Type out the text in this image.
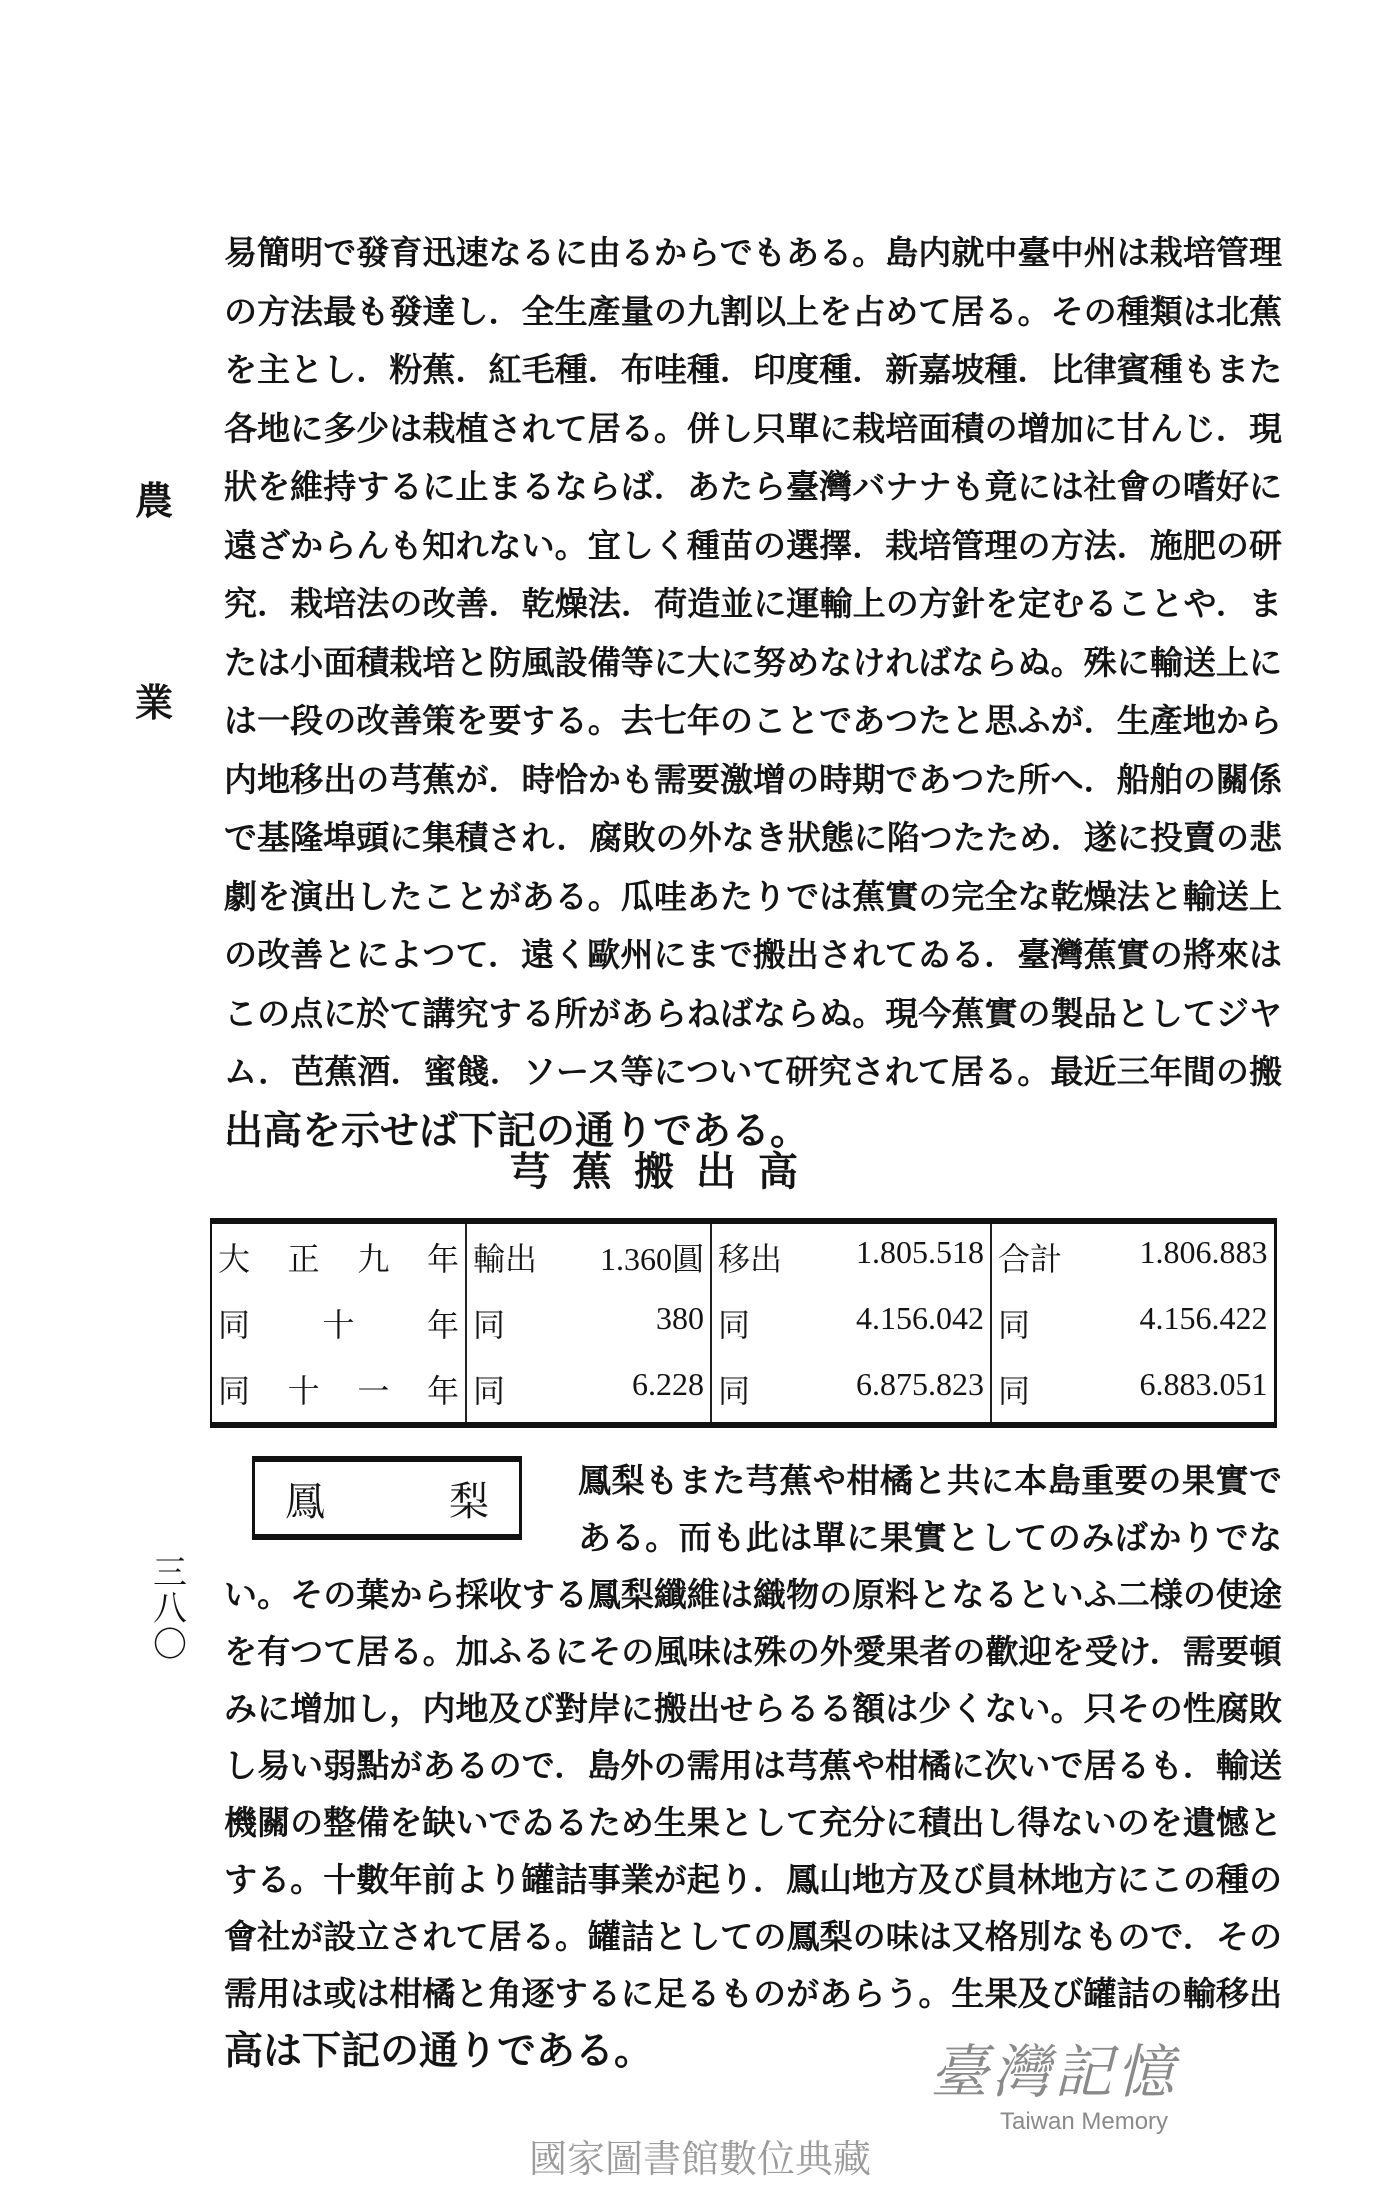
農
業
三八〇
易簡明で發育迅速なるに由るからでもある。島内就中臺中州は栽培管理
の方法最も發達し．全生產量の九割以上を占めて居る。その種類は北蕉
を主とし．粉蕉．紅毛種．布哇種．印度種．新嘉坡種．比律賓種もまた
各地に多少は栽植されて居る。併し只單に栽培面積の增加に甘んじ．現
狀を維持するに止まるならば．あたら臺灣バナナも竟には社會の嗜好に
遠ざからんも知れない。宜しく種苗の選擇．栽培管理の方法．施肥の研
究．栽培法の改善．乾燥法．荷造並に運輸上の方針を定むることや．ま
たは小面積栽培と防風設備等に大に努めなければならぬ。殊に輸送上に
は一段の改善策を要する。去七年のことであつたと思ふが．生產地から
内地移出の芎蕉が．時恰かも需要激增の時期であつた所へ．船舶の關係
で基隆埠頭に集積され．腐敗の外なき狀態に陷つたため．遂に投賣の悲
劇を演出したことがある。瓜哇あたりでは蕉實の完全な乾燥法と輸送上
の改善とによつて．遠く歐州にまで搬出されてゐる．臺灣蕉實の將來は
この点に於て講究する所があらねばならぬ。現今蕉實の製品としてジヤ
ム．芭蕉酒．蜜餞．ソース等について研究されて居る。最近三年間の搬
出高を示せば下記の通りである。
芎蕉搬出高
大正九年	輸出 1.360圓	移出 1.805.518	合計 1.806.883

同　十　年	同 380	同 4.156.042	同 4.156.422

同十一年	同 6.228	同 6.875.823	同 6.883.051
鳳	梨	鳳梨もまた芎蕉や柑橘と共に本島重要の果實で
ある。而も此は單に果實としてのみばかりでな
い。その葉から採收する鳳梨纖維は織物の原料となるといふ二様の使途
を有つて居る。加ふるにその風味は殊の外愛果者の歡迎を受け．需要頓
みに增加し，内地及び對岸に搬出せらるる額は少くない。只その性腐敗
し易い弱點があるので．島外の需用は芎蕉や柑橘に次いで居るも．輸送
機關の整備を缺いでゐるため生果として充分に積出し得ないのを遺憾と
する。十數年前より罐詰事業が起り．鳳山地方及び員林地方にこの種の
會社が設立されて居る。罐詰としての鳳梨の味は又格別なもので．その
需用は或は柑橘と角逐するに足るものがあらう。生果及び罐詰の輸移出
高は下記の通りである。	臺灣記憶
Taiwan Memory
國家圖書館數位典藏
